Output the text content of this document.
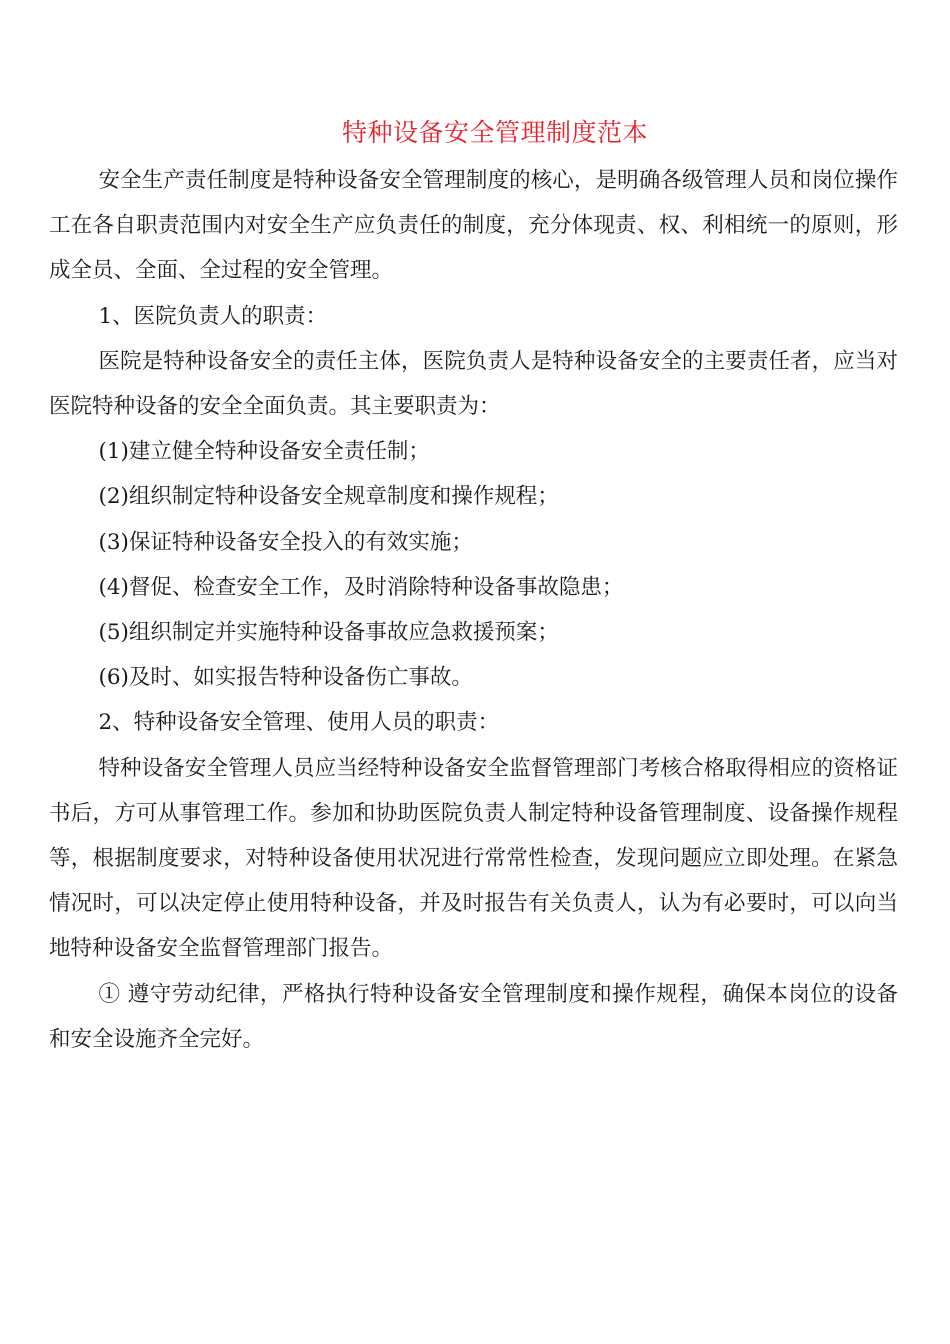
特种设备安全管理制度范本

安全生产责任制度是特种设备安全管理制度的核心，是明确各级管理人员和岗位操作工在各自职责范围内对安全生产应负责任的制度，充分体现责、权、利相统一的原则，形成全员、全面、全过程的安全管理。

1、医院负责人的职责：

医院是特种设备安全的责任主体，医院负责人是特种设备安全的主要责任者，应当对医院特种设备的安全全面负责。其主要职责为：

(1)建立健全特种设备安全责任制；

(2)组织制定特种设备安全规章制度和操作规程；

(3)保证特种设备安全投入的有效实施；

(4)督促、检查安全工作，及时消除特种设备事故隐患；

(5)组织制定并实施特种设备事故应急救援预案；

(6)及时、如实报告特种设备伤亡事故。

2、特种设备安全管理、使用人员的职责：

特种设备安全管理人员应当经特种设备安全监督管理部门考核合格取得相应的资格证书后，方可从事管理工作。参加和协助医院负责人制定特种设备管理制度、设备操作规程等，根据制度要求，对特种设备使用状况进行常常性检查，发现问题应立即处理。在紧急情况时，可以决定停止使用特种设备，并及时报告有关负责人，认为有必要时，可以向当地特种设备安全监督管理部门报告。

① 遵守劳动纪律，严格执行特种设备安全管理制度和操作规程，确保本岗位的设备和安全设施齐全完好。
